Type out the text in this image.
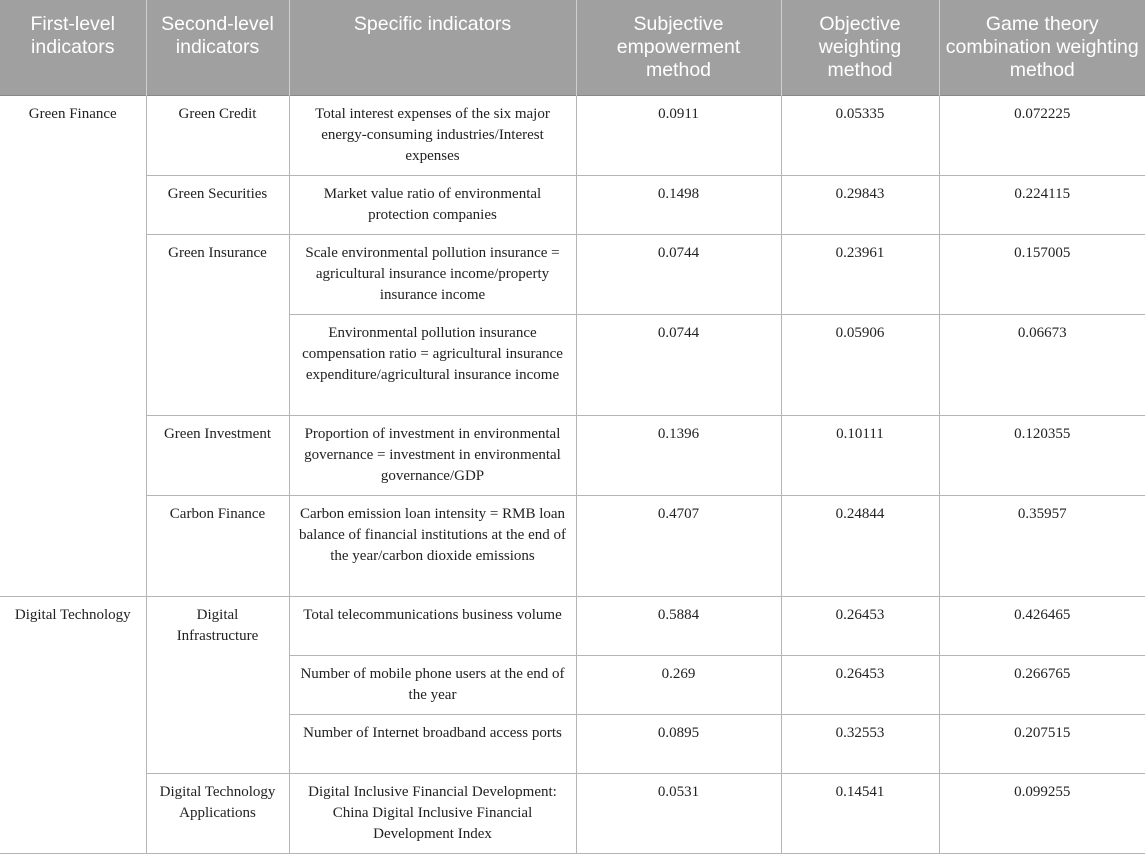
First-level indicators	Second-level indicators	Specific indicators	Subjective empowerment method	Objective weighting method	Game theory combination weighting method
Green Finance	Green Credit	Total interest expenses of the six major energy-consuming industries/Interest expenses	0.0911	0.05335	0.072225
	Green Securities	Market value ratio of environmental protection companies	0.1498	0.29843	0.224115
	Green Insurance	Scale environmental pollution insurance = agricultural insurance income/property insurance income	0.0744	0.23961	0.157005
		Environmental pollution insurance compensation ratio = agricultural insurance expenditure/agricultural insurance income	0.0744	0.05906	0.06673
	Green Investment	Proportion of investment in environmental governance = investment in environmental governance/GDP	0.1396	0.10111	0.120355
	Carbon Finance	Carbon emission loan intensity = RMB loan balance of financial institutions at the end of the year/carbon dioxide emissions	0.4707	0.24844	0.35957
Digital Technology	Digital Infrastructure	Total telecommunications business volume	0.5884	0.26453	0.426465
		Number of mobile phone users at the end of the year	0.269	0.26453	0.266765
		Number of Internet broadband access ports	0.0895	0.32553	0.207515
	Digital Technology Applications	Digital Inclusive Financial Development: China Digital Inclusive Financial Development Index	0.0531	0.14541	0.099255
